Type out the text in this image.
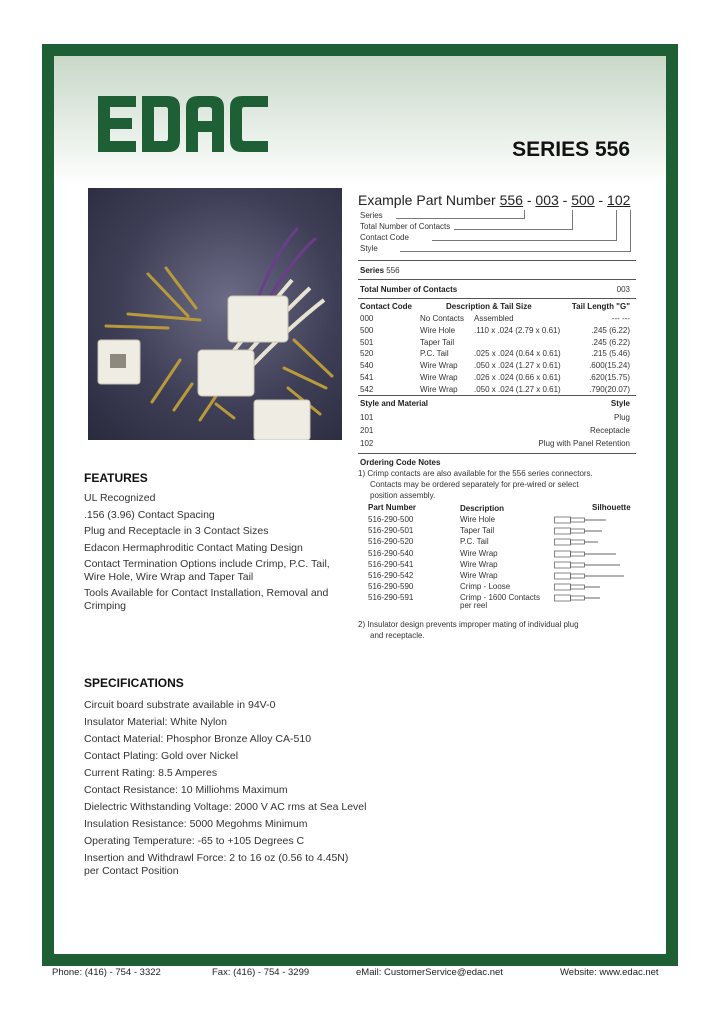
SERIES 556
Example Part Number 556 - 003 - 500 - 102
Series
Total Number of Contacts
Contact Code
Style
Series 556
Total Number of Contacts	003
Contact Code	Description & Tail Size	Tail Length "G"
000	No Contacts Assembled	--- ---
500	Wire Hole .110 x .024 (2.79 x 0.61)	.245 (6.22)
501	Taper Tail	.245 (6.22)
520	P.C. Tail	.025 x .024 (0.64 x 0.61)	.215 (5.46)
540	Wire Wrap .050 x .024 (1.27 x 0.61)	.600(15.24)
541	Wire Wrap .026 x .024 (0.66 x 0.61)	.620(15.75)
542	Wire Wrap .050 x .024 (1.27 x 0.61)	.790(20.07)
Style and Material	Style
101	Plug
201	Receptacle
102	Plug with Panel Retention
Ordering Code Notes
1) Crimp contacts are also available for the 556 series connectors.
Contacts may be ordered separately for pre-wired or select
position assembly.
Part Number	Description	Silhouette
516-290-500	Wire Hole
516-290-501	Taper Tail
516-290-520	P.C. Tail
516-290-540	Wire Wrap
516-290-541	Wire Wrap
516-290-542	Wire Wrap
516-290-590	Crimp - Loose
516-290-591	Crimp - 1600 Contacts
per reel
2) Insulator design prevents improper mating of individual plug
and receptacle.
FEATURES
UL Recognized
.156 (3.96) Contact Spacing
Plug and Receptacle in 3 Contact Sizes
Edacon Hermaphroditic Contact Mating Design
Contact Termination Options include Crimp, P.C. Tail,
Wire Hole, Wire Wrap and Taper Tail
Tools Available for Contact Installation, Removal and
Crimping
SPECIFICATIONS
Circuit board substrate available in 94V-0
Insulator Material: White Nylon
Contact Material: Phosphor Bronze Alloy CA-510
Contact Plating: Gold over Nickel
Current Rating: 8.5 Amperes
Contact Resistance: 10 Milliohms Maximum
Dielectric Withstanding Voltage: 2000 V AC rms at Sea Level
Insulation Resistance: 5000 Megohms Minimum
Operating Temperature: -65 to +105 Degrees C
Insertion and Withdrawl Force: 2 to 16 oz (0.56 to 4.45N)
per Contact Position
Phone: (416) - 754 - 3322	Fax: (416) - 754 - 3299	eMail: CustomerService@edac.net	Website: www.edac.net
